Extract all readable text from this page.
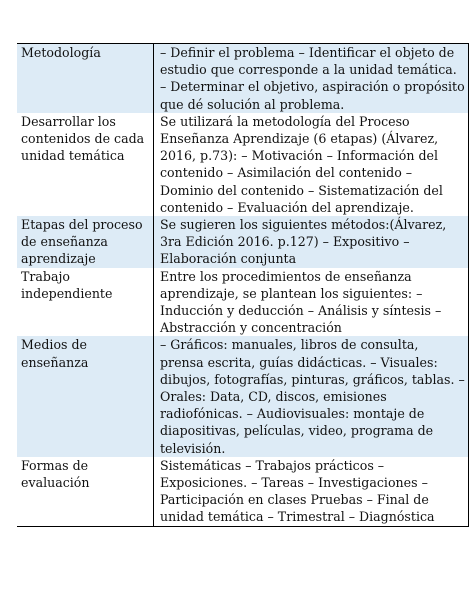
Metodología	– Definir el problema – Identificar el objeto de estudio que corresponde a la unidad temática. – Determinar el objetivo, aspiración o propósito que dé solución al problema.
Desarrollar los contenidos de cada unidad temática	Se utilizará la metodología del Proceso Enseñanza Aprendizaje (6 etapas) (Álvarez, 2016, p.73): – Motivación – Información del contenido – Asimilación del contenido – Dominio del contenido – Sistematización del contenido – Evaluación del aprendizaje.
Etapas del proceso de enseñanza aprendizaje	Se sugieren los siguientes métodos:(Álvarez, 3ra Edición 2016. p.127) – Expositivo – Elaboración conjunta
Trabajo independiente	Entre los procedimientos de enseñanza aprendizaje, se plantean los siguientes: – Inducción y deducción – Análisis y síntesis – Abstracción y concentración
Medios de enseñanza	– Gráficos: manuales, libros de consulta, prensa escrita, guías didácticas. – Visuales: dibujos, fotografías, pinturas, gráficos, tablas. – Orales: Data, CD, discos, emisiones radiofónicas. – Audiovisuales: montaje de diapositivas, películas, video, programa de televisión.
Formas de evaluación	Sistemáticas – Trabajos prácticos – Exposiciones. – Tareas – Investigaciones – Participación en clases Pruebas – Final de unidad temática – Trimestral – Diagnóstica
